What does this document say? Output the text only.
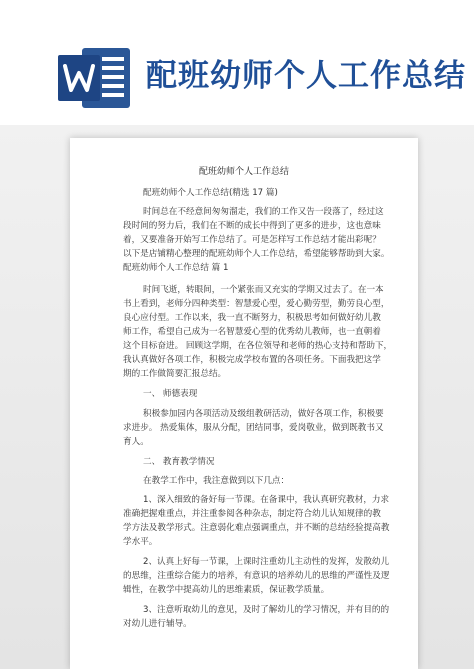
配班幼师个人工作总结
配班幼师个人工作总结
配班幼师个人工作总结(精选 17 篇)
时间总在不经意间匆匆溜走，我们的工作又告一段落了，经过这
段时间的努力后，我们在不断的成长中得到了更多的进步，这也意味
着，又要准备开始写工作总结了。可是怎样写工作总结才能出彩呢？
以下是店铺精心整理的配班幼师个人工作总结，希望能够帮助到大家。
配班幼师个人工作总结 篇 1
时间飞逝，转眼间，一个紧张而又充实的学期又过去了。在一本
书上看到，老师分四种类型：智慧爱心型，爱心勤劳型，勤劳良心型，
良心应付型。工作以来，我一直不断努力，积极思考如何做好幼儿教
师工作，希望自己成为一名智慧爱心型的优秀幼儿教师，也一直朝着
这个目标奋进。 回顾这学期，在各位领导和老师的热心支持和帮助下，
我认真做好各项工作，积极完成学校布置的各项任务。下面我把这学
期的工作做简要汇报总结。
一、 师德表现
积极参加园内各项活动及级组教研活动，做好各项工作，积极要
求进步。 热爱集体，服从分配，团结同事，爱岗敬业，做到既教书又
育人。
二、 教育教学情况
在教学工作中，我注意做到以下几点：
1、深入细致的备好每一节课。在备课中，我认真研究教材，力求
准确把握难重点，并注重参阅各种杂志，制定符合幼儿认知规律的教
学方法及教学形式。注意弱化难点强调重点，并不断的总结经验提高教
学水平。
2、认真上好每一节课，上课时注重幼儿主动性的发挥，发散幼儿
的思维，注重综合能力的培养，有意识的培养幼儿的思维的严谨性及逻
辑性，在教学中提高幼儿的思维素质，保证教学质量。
3、注意听取幼儿的意见，及时了解幼儿的学习情况，并有目的的
对幼儿进行辅导。
